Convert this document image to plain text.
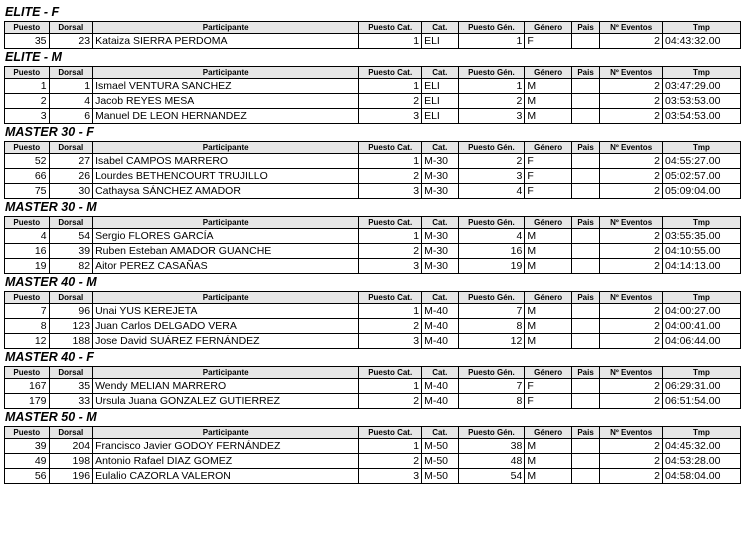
ELITE - F
Puesto	Dorsal	Participante	Puesto Cat.	Cat.	Puesto Gén.	Género	Pais	Nº Eventos	Tmp
35	23	Kataiza SIERRA PERDOMA	1	ELI	1	F		2	04:43:32.00
ELITE - M
Puesto	Dorsal	Participante	Puesto Cat.	Cat.	Puesto Gén.	Género	Pais	Nº Eventos	Tmp
1	1	Ismael VENTURA SANCHEZ	1	ELI	1	M		2	03:47:29.00
2	4	Jacob REYES MESA	2	ELI	2	M		2	03:53:53.00
3	6	Manuel DE LEON HERNANDEZ	3	ELI	3	M		2	03:54:53.00
MASTER 30 - F
Puesto	Dorsal	Participante	Puesto Cat.	Cat.	Puesto Gén.	Género	Pais	Nº Eventos	Tmp
52	27	Isabel CAMPOS MARRERO	1	M-30	2	F		2	04:55:27.00
66	26	Lourdes BETHENCOURT TRUJILLO	2	M-30	3	F		2	05:02:57.00
75	30	Cathaysa SÁNCHEZ AMADOR	3	M-30	4	F		2	05:09:04.00
MASTER 30 - M
Puesto	Dorsal	Participante	Puesto Cat.	Cat.	Puesto Gén.	Género	Pais	Nº Eventos	Tmp
4	54	Sergio FLORES GARCÍA	1	M-30	4	M		2	03:55:35.00
16	39	Ruben Esteban AMADOR GUANCHE	2	M-30	16	M		2	04:10:55.00
19	82	Aitor PEREZ CASAÑAS	3	M-30	19	M		2	04:14:13.00
MASTER 40 - M
Puesto	Dorsal	Participante	Puesto Cat.	Cat.	Puesto Gén.	Género	Pais	Nº Eventos	Tmp
7	96	Unai YUS KEREJETA	1	M-40	7	M		2	04:00:27.00
8	123	Juan Carlos DELGADO VERA	2	M-40	8	M		2	04:00:41.00
12	188	Jose David SUÁREZ FERNÁNDEZ	3	M-40	12	M		2	04:06:44.00
MASTER 40 - F
Puesto	Dorsal	Participante	Puesto Cat.	Cat.	Puesto Gén.	Género	Pais	Nº Eventos	Tmp
167	35	Wendy MELIAN MARRERO	1	M-40	7	F		2	06:29:31.00
179	33	Ursula Juana GONZALEZ GUTIERREZ	2	M-40	8	F		2	06:51:54.00
MASTER 50 - M
Puesto	Dorsal	Participante	Puesto Cat.	Cat.	Puesto Gén.	Género	Pais	Nº Eventos	Tmp
39	204	Francisco Javier GODOY FERNÁNDEZ	1	M-50	38	M		2	04:45:32.00
49	198	Antonio Rafael DIAZ GOMEZ	2	M-50	48	M		2	04:53:28.00
56	196	Eulalio CAZORLA VALERON	3	M-50	54	M		2	04:58:04.00
